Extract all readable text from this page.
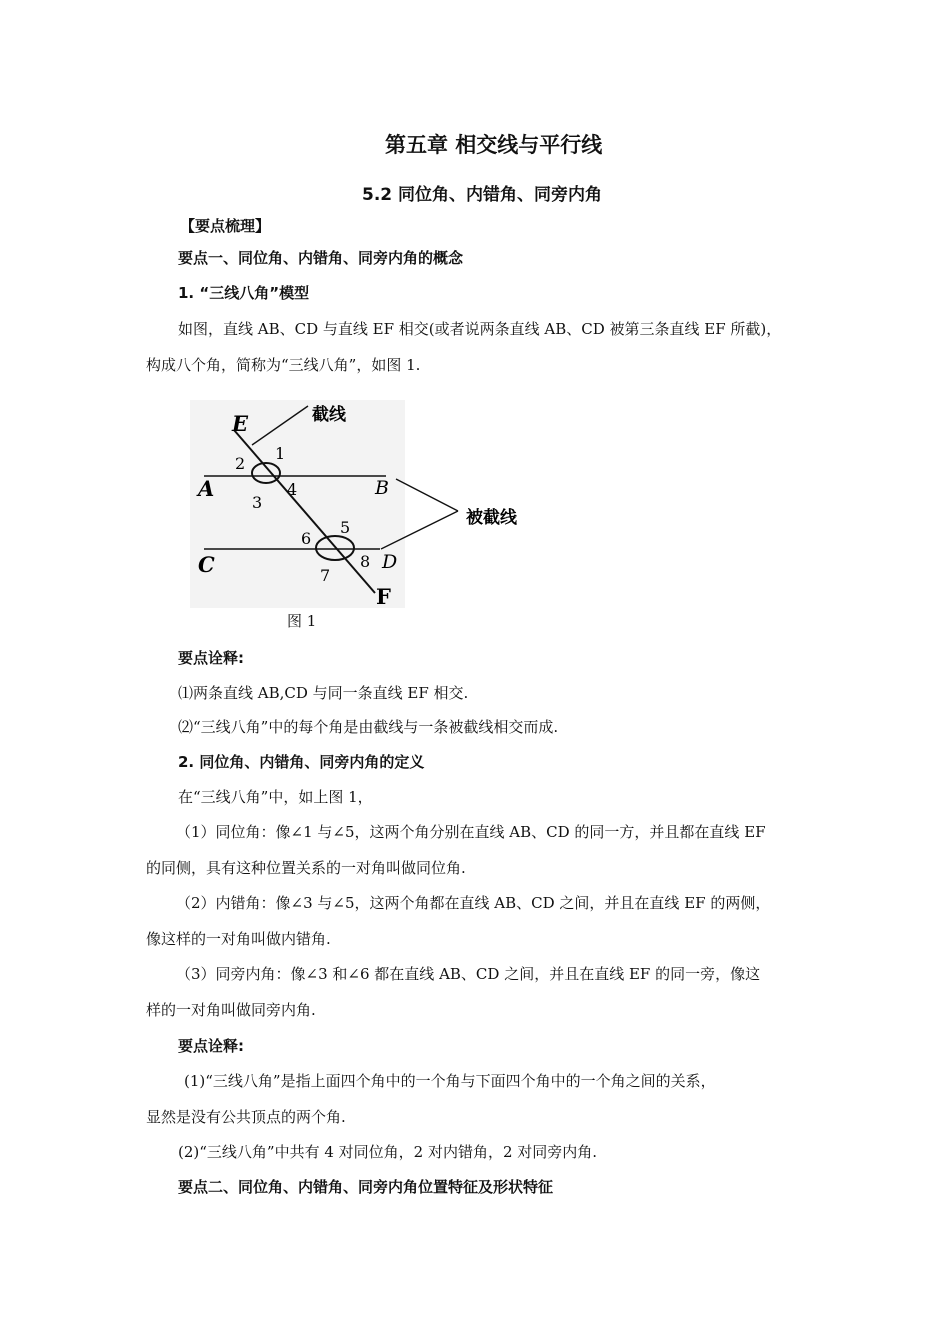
第五章 相交线与平行线
5.2 同位角、内错角、同旁内角
【要点梳理】
要点一、同位角、内错角、同旁内角的概念
1. “三线八角”模型
如图，直线 AB、CD 与直线 EF 相交(或者说两条直线 AB、CD 被第三条直线 EF 所截)，
构成八个角，简称为“三线八角”，如图 1.
E
A	B
C	D
F
1
2
3
4
5
6
7
8
截线
被截线
图 1
要点诠释:
⑴两条直线 AB,CD 与同一条直线 EF 相交.
⑵“三线八角”中的每个角是由截线与一条被截线相交而成.
2. 同位角、内错角、同旁内角的定义
在“三线八角”中，如上图 1，
（1）同位角：像∠1 与∠5，这两个角分别在直线 AB、CD 的同一方，并且都在直线 EF
的同侧，具有这种位置关系的一对角叫做同位角.
（2）内错角：像∠3 与∠5，这两个角都在直线 AB、CD 之间，并且在直线 EF 的两侧，
像这样的一对角叫做内错角.
（3）同旁内角：像∠3 和∠6 都在直线 AB、CD 之间，并且在直线 EF 的同一旁，像这
样的一对角叫做同旁内角.
要点诠释:
(1)“三线八角”是指上面四个角中的一个角与下面四个角中的一个角之间的关系，
显然是没有公共顶点的两个角.
(2)“三线八角”中共有 4 对同位角，2 对内错角，2 对同旁内角.
要点二、同位角、内错角、同旁内角位置特征及形状特征
